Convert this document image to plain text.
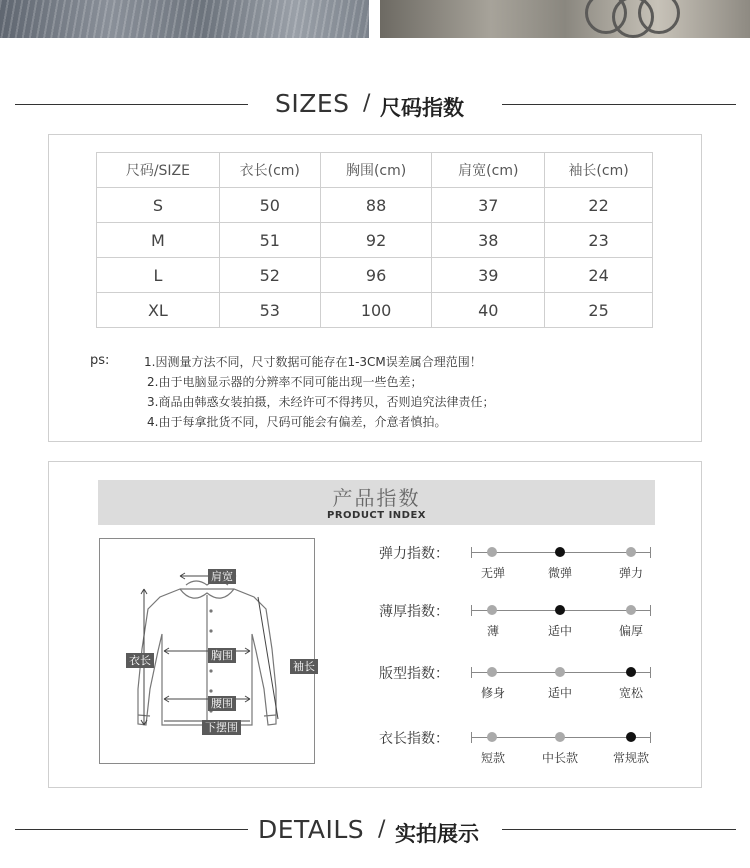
SIZES / 尺码指数
尺码/SIZE	衣长(cm)	胸围(cm)	肩宽(cm)	袖长(cm)
S	50	88	37	22
M	51	92	38	23
L	52	96	39	24
XL	53	100	40	25
ps:	1.因测量方法不同，尺寸数据可能存在1-3CM误差属合理范围！
2.由于电脑显示器的分辨率不同可能出现一些色差；
3.商品由韩惑女装拍摄，未经许可不得拷贝，否则追究法律责任；
4.由于每拿批货不同，尺码可能会有偏差，介意者慎拍。
产品指数
PRODUCT INDEX
肩宽
衣长	胸围
袖长
腰围
下摆围
弹力指数：
无弹	微弹	弹力
薄厚指数：
薄	适中	偏厚
版型指数：
修身	适中	宽松
衣长指数：
短款	中长款	常规款
DETAILS / 实拍展示
